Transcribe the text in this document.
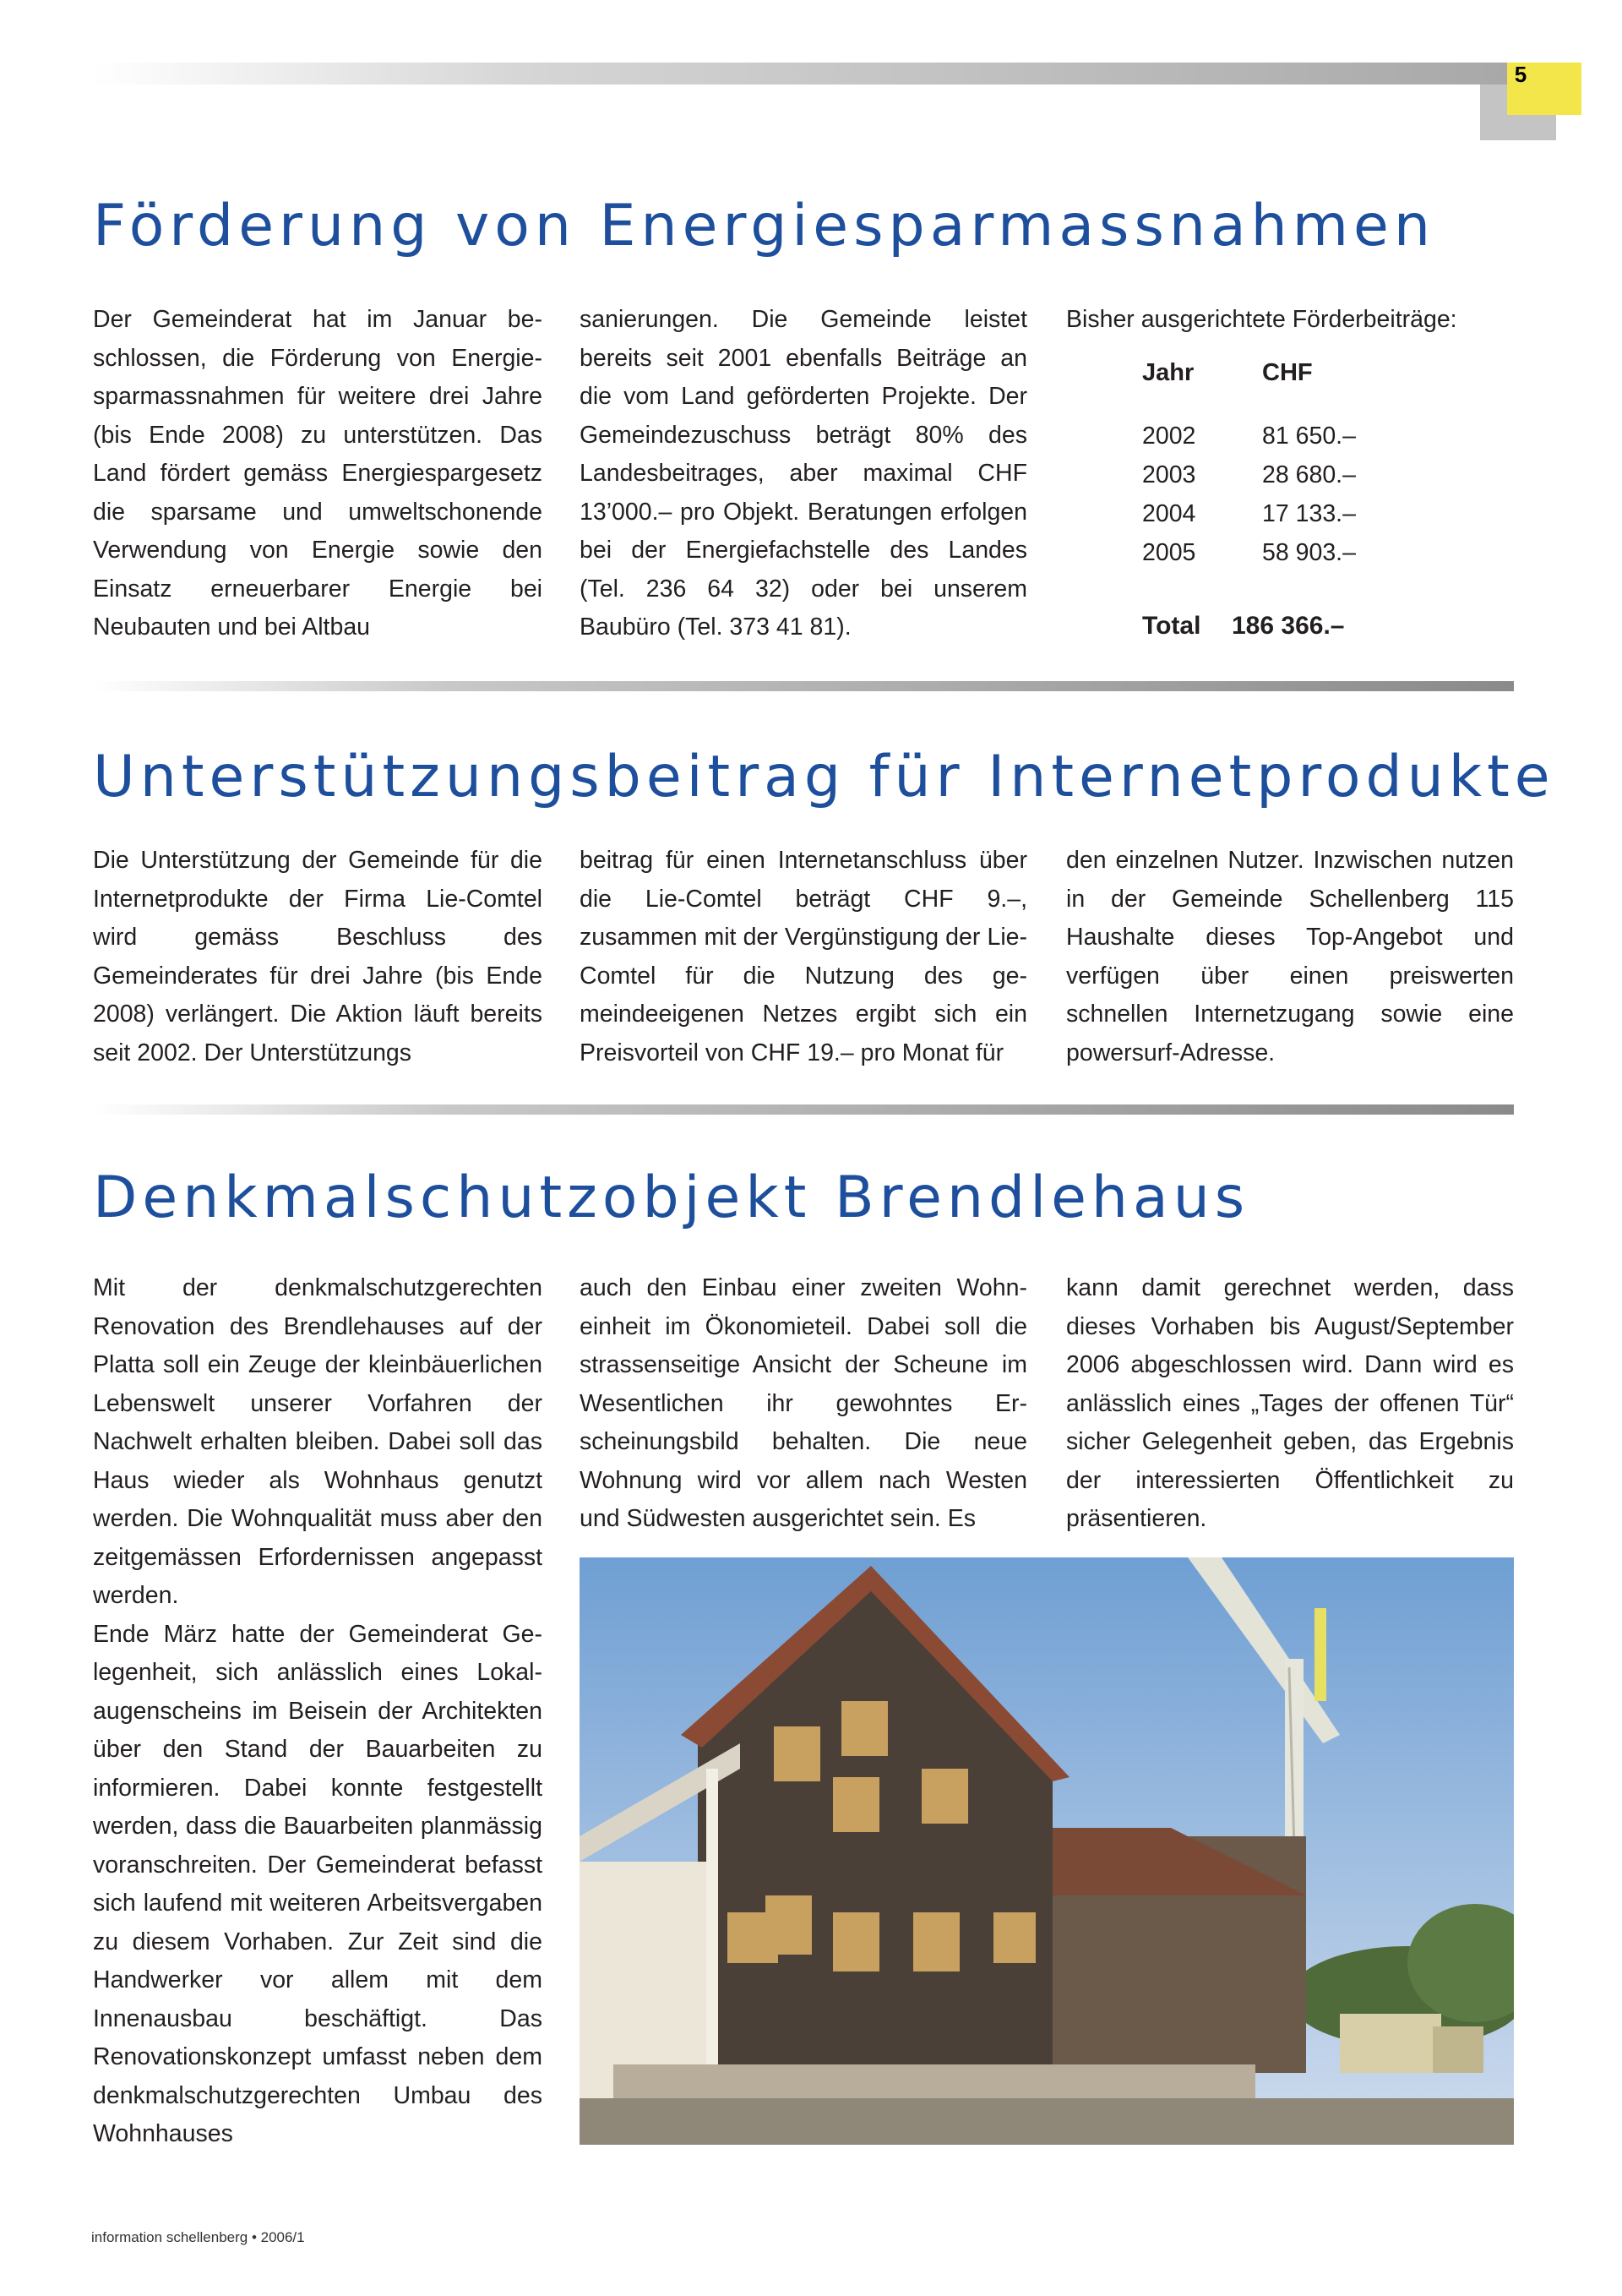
5
Förderung von Energiesparmassnahmen

Der Gemeinderat hat im Januar beschlossen, die Förderung von Energiesparmassnahmen für weitere drei Jahre (bis Ende 2008) zu unterstützen. Das Land fördert gemäss Energiespargesetz die sparsame und umweltschonende Verwendung von Energie sowie den Einsatz erneuerbarer Energie bei Neubauten und bei Altbau

sanierungen. Die Gemeinde leistet bereits seit 2001 ebenfalls Beiträge an die vom Land geförderten Projekte. Der Gemeindezuschuss beträgt 80% des Landesbeitrages, aber maximal CHF 13’000.– pro Objekt. Beratungen erfolgen bei der Energiefachstelle des Landes (Tel. 236 64 32) oder bei unserem Baubüro (Tel. 373 41 81).

Bisher ausgerichtete Förderbeiträge:
Jahr	CHF
2002	81 650.–
2003	28 680.–
2004	17 133.–
2005	58 903.–
Total 186 366.–
Unterstützungsbeitrag für Internetprodukte

Die Unterstützung der Gemeinde für die Internetprodukte der Firma Lie-Comtel wird gemäss Beschluss des Gemeinderates für drei Jahre (bis Ende 2008) verlängert. Die Aktion läuft bereits seit 2002. Der Unterstützungs

beitrag für einen Internetanschluss über die Lie-Comtel beträgt CHF 9.–, zusammen mit der Vergünstigung der Lie-Comtel für die Nutzung des gemeindeeigenen Netzes ergibt sich ein Preisvorteil von CHF 19.– pro Monat für

den einzelnen Nutzer. Inzwischen nutzen in der Gemeinde Schellenberg 115 Haushalte dieses Top-Angebot und verfügen über einen preiswerten schnellen Internetzugang sowie eine powersurf-Adresse.

Denkmalschutzobjekt Brendlehaus

Mit der denkmalschutzgerechten Renovation des Brendlehauses auf der Platta soll ein Zeuge der kleinbäuerlichen Lebenswelt unserer Vorfahren der Nachwelt erhalten bleiben. Dabei soll das Haus wieder als Wohnhaus genutzt werden. Die Wohnqualität muss aber den zeitgemässen Erfordernissen angepasst werden.

Ende März hatte der Gemeinderat Gelegenheit, sich anlässlich eines Lokalaugenscheins im Beisein der Architekten über den Stand der Bauarbeiten zu informieren. Dabei konnte festgestellt werden, dass die Bauarbeiten planmässig voranschreiten. Der Gemeinderat befasst sich laufend mit weiteren Arbeitsvergaben zu diesem Vorhaben. Zur Zeit sind die Handwerker vor allem mit dem Innenausbau beschäftigt. Das Renovationskonzept umfasst neben dem denkmalschutzgerechten Umbau des Wohnhauses

auch den Einbau einer zweiten Wohneinheit im Ökonomieteil. Dabei soll die strassenseitige Ansicht der Scheune im Wesentlichen ihr gewohntes Erscheinungsbild behalten. Die neue Wohnung wird vor allem nach Westen und Südwesten ausgerichtet sein. Es

kann damit gerechnet werden, dass dieses Vorhaben bis August/September 2006 abgeschlossen wird. Dann wird es anlässlich eines „Tages der offenen Tür“ sicher Gelegenheit geben, das Ergebnis der interessierten Öffentlichkeit zu präsentieren.

information schellenberg • 2006/1
